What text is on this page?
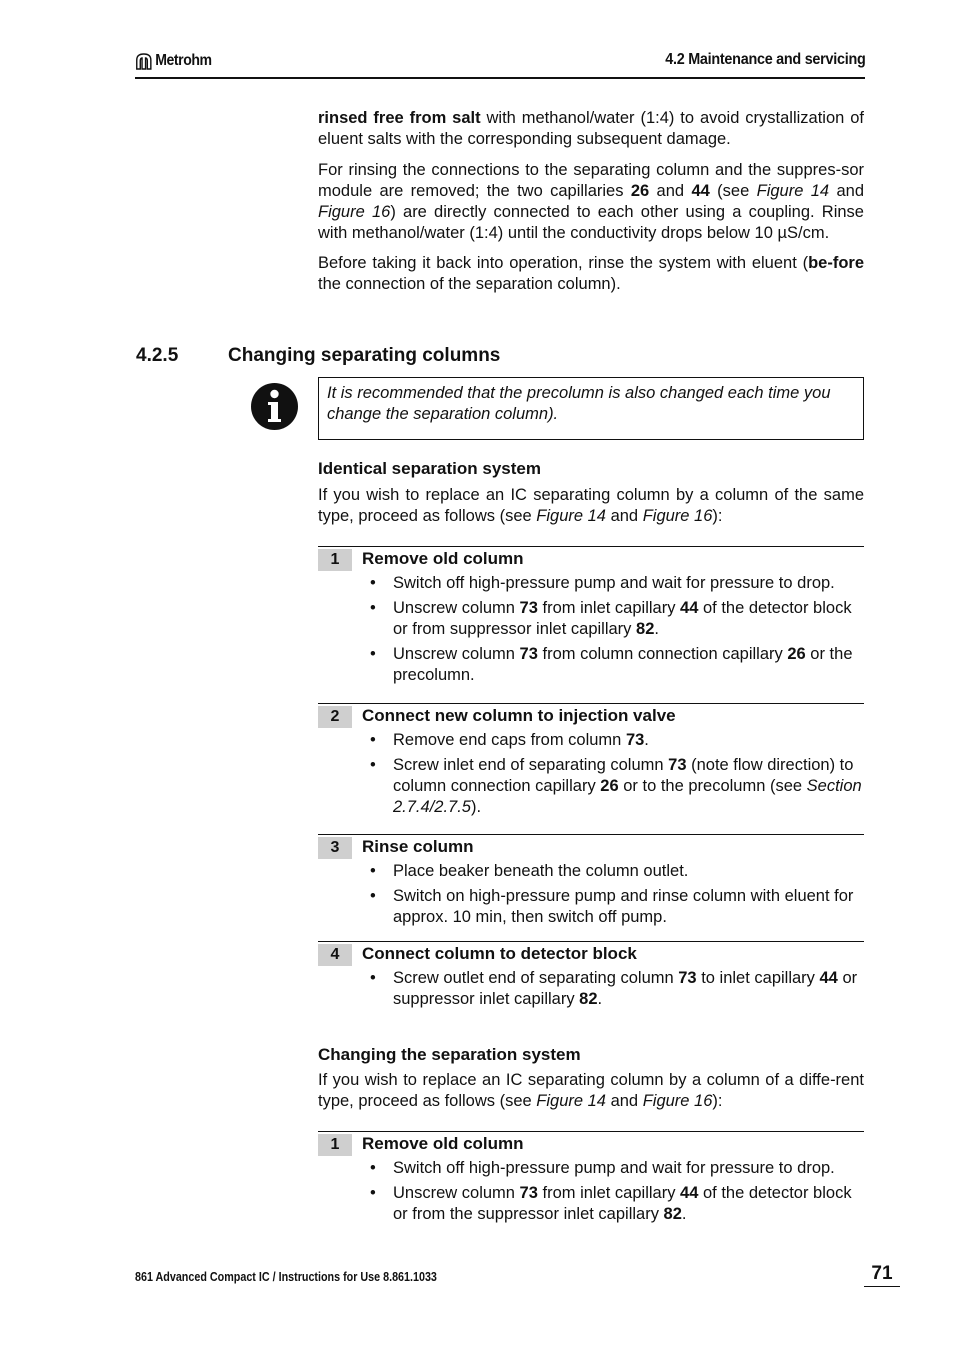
Metrohm	4.2 Maintenance and servicing

rinsed free from salt with methanol/water (1:4) to avoid crystallization of eluent salts with the corresponding subsequent damage.

For rinsing the connections to the separating column and the suppres-sor module are removed; the two capillaries 26 and 44 (see Figure 14 and Figure 16) are directly connected to each other using a coupling. Rinse with methanol/water (1:4) until the conductivity drops below 10 µS/cm.

Before taking it back into operation, rinse the system with eluent (be-fore the connection of the separation column).

4.2.5	Changing separating columns

It is recommended that the precolumn is also changed each time you change the separation column).

Identical separation system

If you wish to replace an IC separating column by a column of the same type, proceed as follows (see Figure 14 and Figure 16):

1	Remove old column
• Switch off high-pressure pump and wait for pressure to drop.
• Unscrew column 73 from inlet capillary 44 of the detector block or from suppressor inlet capillary 82.
• Unscrew column 73 from column connection capillary 26 or the precolumn.
2	Connect new column to injection valve
• Remove end caps from column 73.
• Screw inlet end of separating column 73 (note flow direction) to column connection capillary 26 or to the precolumn (see Section 2.7.4/2.7.5).
3	Rinse column
• Place beaker beneath the column outlet.
• Switch on high-pressure pump and rinse column with eluent for approx. 10 min, then switch off pump.
4	Connect column to detector block
• Screw outlet end of separating column 73 to inlet capillary 44 or suppressor inlet capillary 82.
Changing the separation system

If you wish to replace an IC separating column by a column of a diffe-rent type, proceed as follows (see Figure 14 and Figure 16):

1	Remove old column
• Switch off high-pressure pump and wait for pressure to drop.
• Unscrew column 73 from inlet capillary 44 of the detector block or from the suppressor inlet capillary 82.
861 Advanced Compact IC / Instructions for Use 8.861.1033	71
